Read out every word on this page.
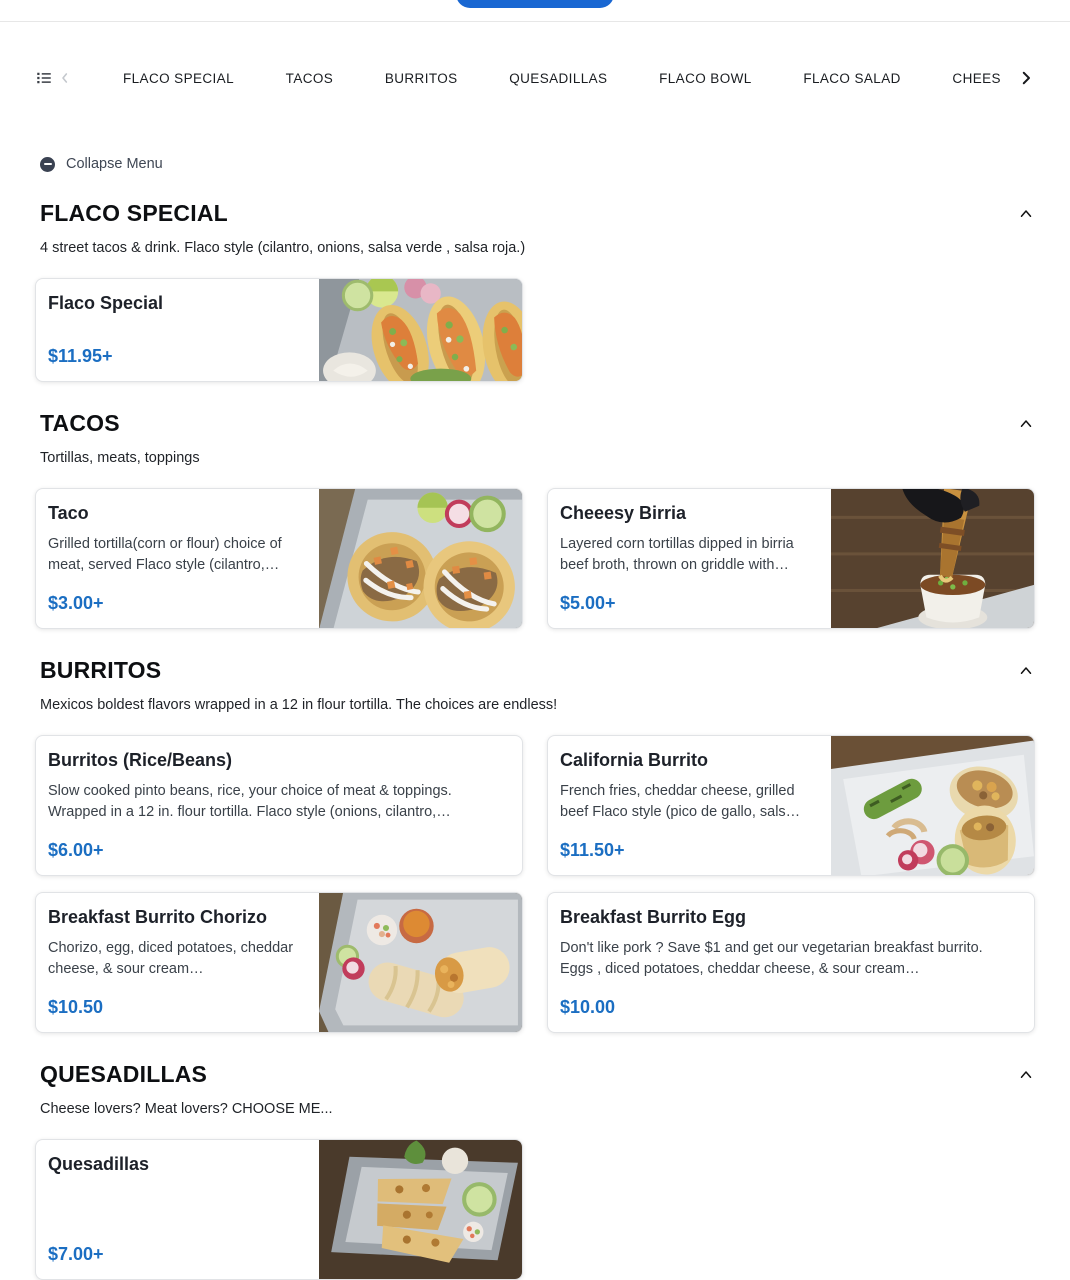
FLACO SPECIAL	TACOS	BURRITOS	QUESADILLAS	FLACO BOWL	FLACO SALAD	CHEES
Collapse Menu
FLACO SPECIAL

4 street tacos & drink. Flaco style (cilantro, onions, salsa verde , salsa roja.)

Flaco Special
$11.95+
TACOS

Tortillas, meats, toppings

Taco
Grilled tortilla(corn or flour) choice of meat, served Flaco style (cilantro,…
$3.00+
Cheeesy Birria
Layered corn tortillas dipped in birria beef broth, thrown on griddle with…
$5.00+
BURRITOS

Mexicos boldest flavors wrapped in a 12 in flour tortilla. The choices are endless!

Burritos (Rice/Beans)
Slow cooked pinto beans, rice, your choice of meat & toppings. Wrapped in a 12 in. flour tortilla. Flaco style (onions, cilantro,…
$6.00+
California Burrito
French fries, cheddar cheese, grilled beef Flaco style (pico de gallo, sals…
$11.50+
Breakfast Burrito Chorizo
Chorizo, egg, diced potatoes, cheddar cheese, & sour cream…
$10.50
Breakfast Burrito Egg
Don't like pork ? Save $1 and get our vegetarian breakfast burrito. Eggs , diced potatoes, cheddar cheese, & sour cream…
$10.00
QUESADILLAS

Cheese lovers? Meat lovers? CHOOSE ME...

Quesadillas
$7.00+
